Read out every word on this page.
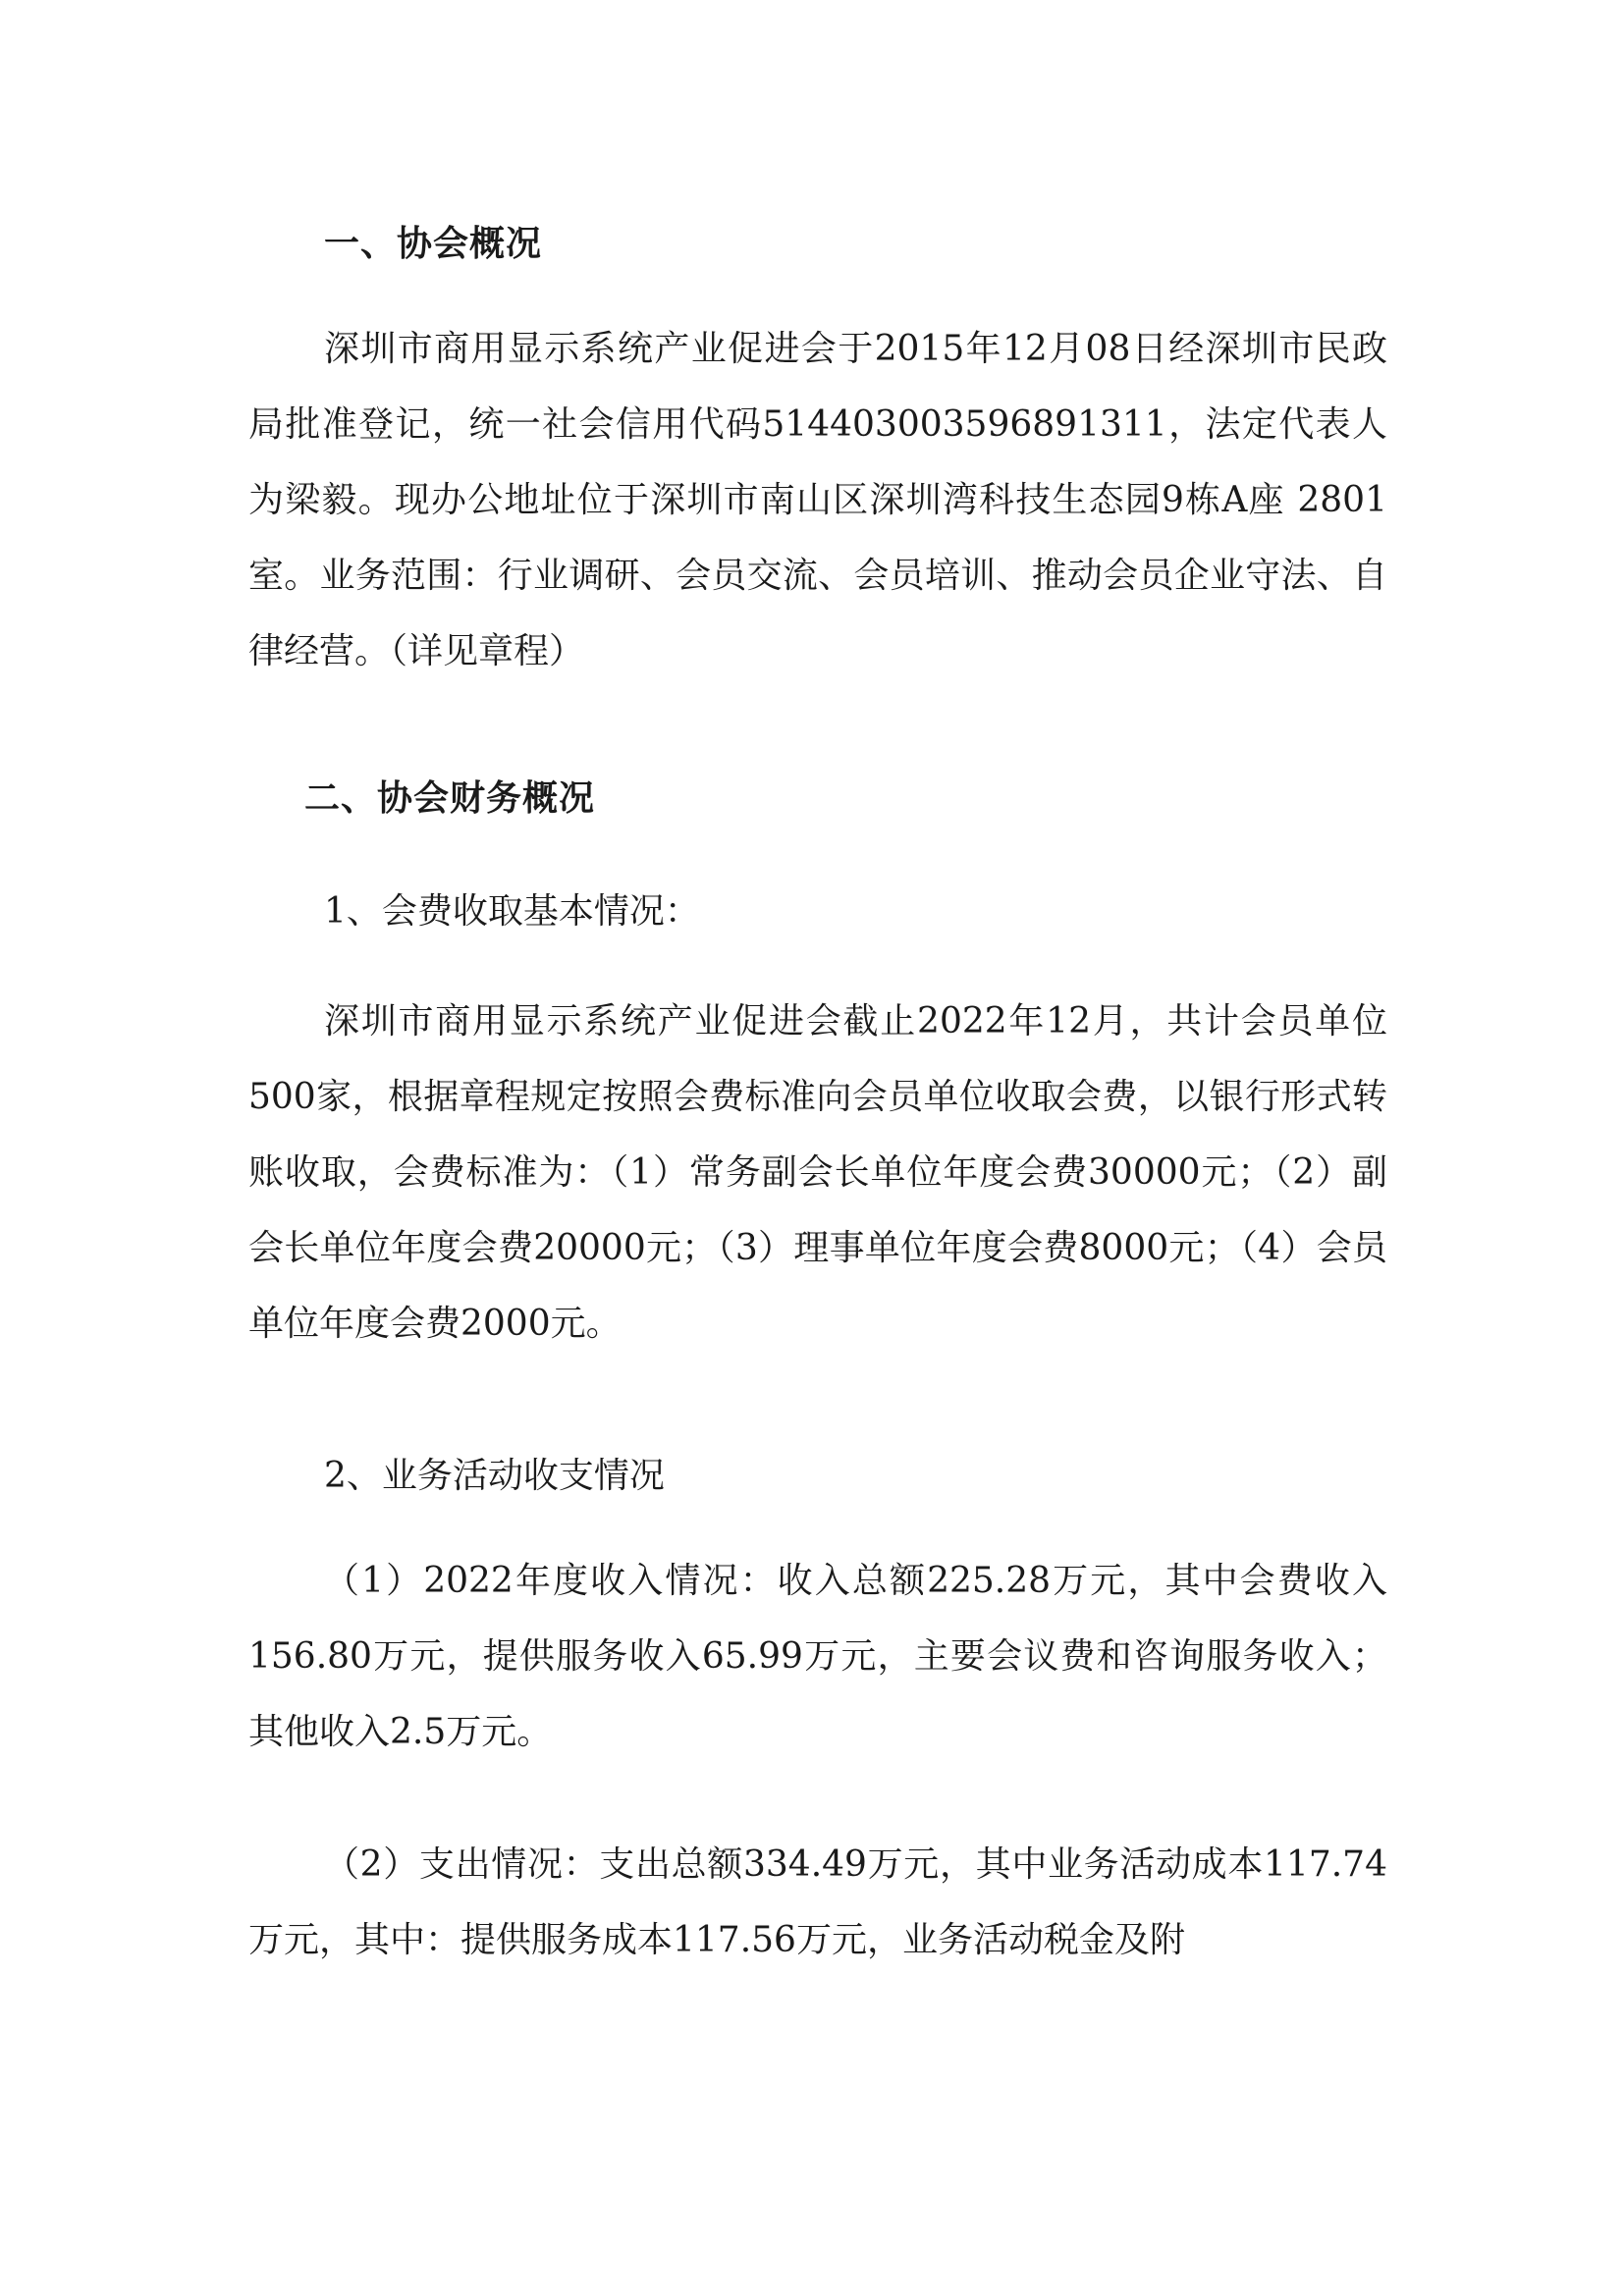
一、协会概况

深圳市商用显示系统产业促进会于2015年12月08日经深圳市民政局批准登记，统一社会信用代码514403003596891311，法定代表人为梁毅。现办公地址位于深圳市南山区深圳湾科技生态园9栋A座 2801室。业务范围：行业调研、会员交流、会员培训、推动会员企业守法、自律经营。（详见章程）

二、协会财务概况
1、会费收取基本情况：

深圳市商用显示系统产业促进会截止2022年12月，共计会员单位500家，根据章程规定按照会费标准向会员单位收取会费，以银行形式转账收取，会费标准为：（1）常务副会长单位年度会费30000元；（2）副会长单位年度会费20000元；（3）理事单位年度会费8000元；（4）会员单位年度会费2000元。

2、业务活动收支情况

（1）2022年度收入情况：收入总额225.28万元，其中会费收入156.80万元，提供服务收入65.99万元，主要会议费和咨询服务收入；其他收入2.5万元。

（2）支出情况：支出总额334.49万元，其中业务活动成本117.74万元，其中：提供服务成本117.56万元，业务活动税金及附
